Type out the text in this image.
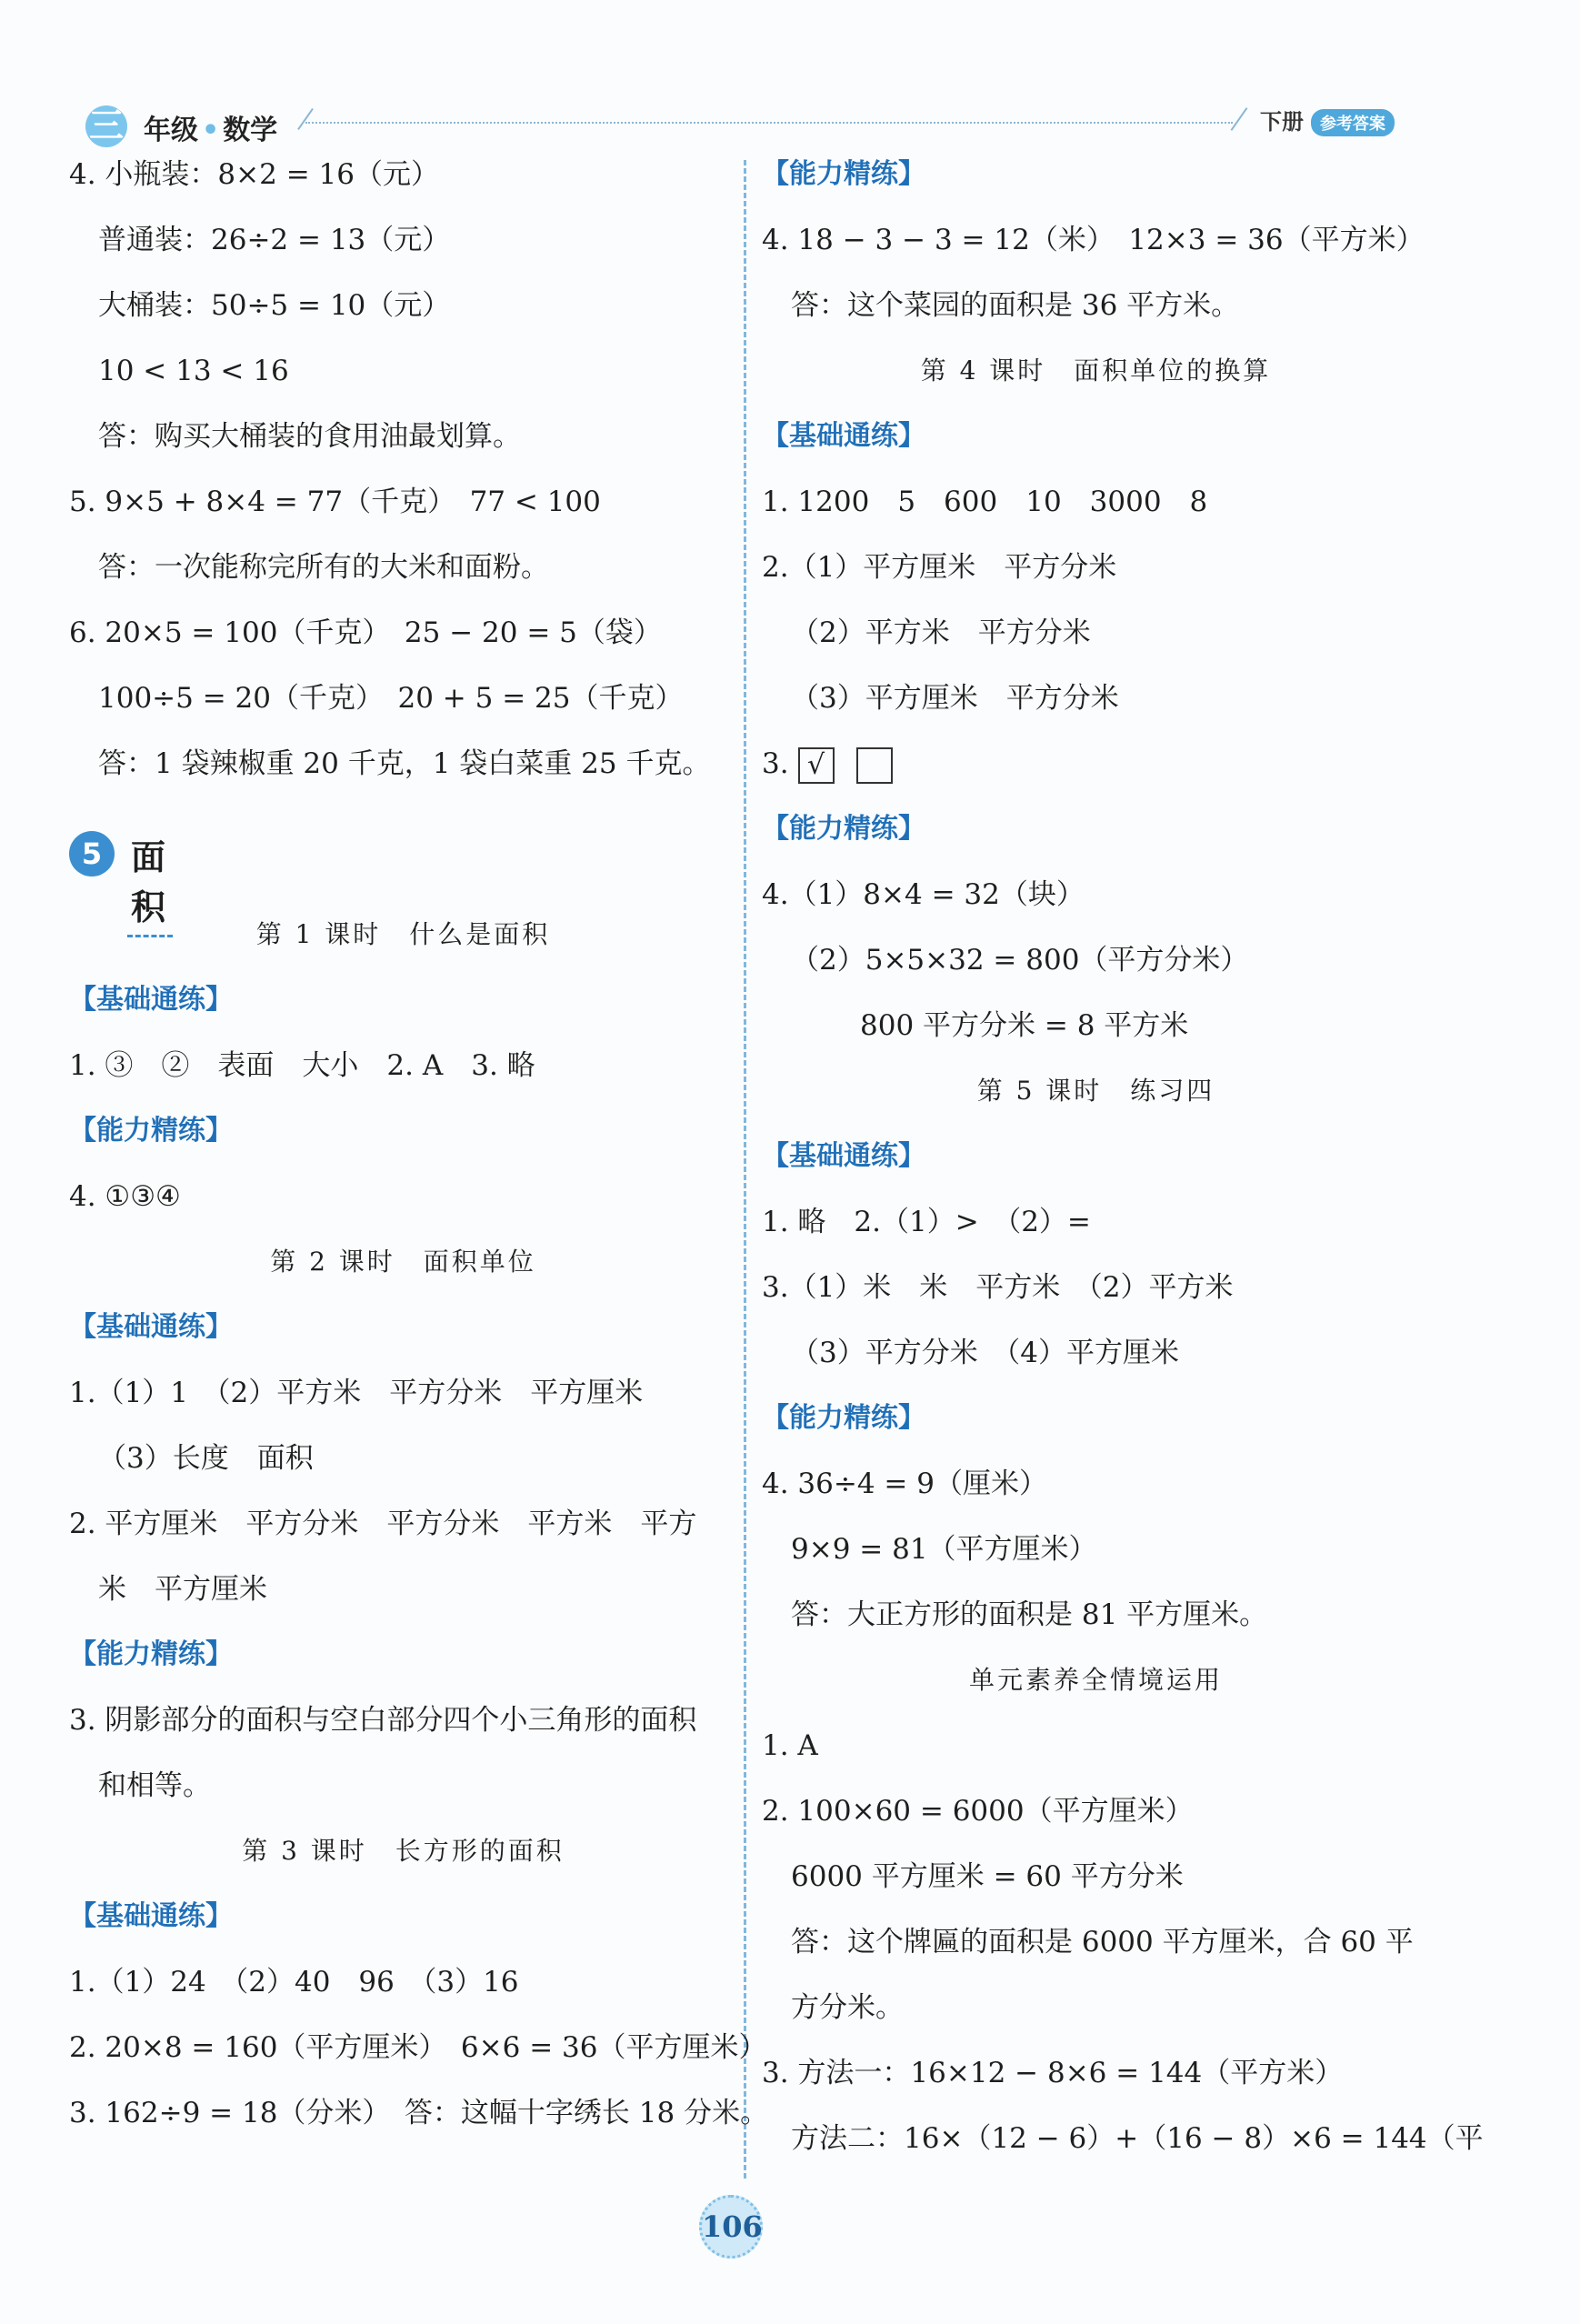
三 年级 • 数学	下册 参考答案
4. 小瓶装：8×2 = 16（元）
普通装：26÷2 = 13（元）
大桶装：50÷5 = 10（元）
10 < 13 < 16
答：购买大桶装的食用油最划算。
5. 9×5 + 8×4 = 77（千克）　77 < 100
答：一次能称完所有的大米和面粉。
6. 20×5 = 100（千克）　25 − 20 = 5（袋）
100÷5 = 20（千克）　20 + 5 = 25（千克）
答：1 袋辣椒重 20 千克，1 袋白菜重 25 千克。
5 面积
第 1 课时　什么是面积
【基础通练】
1. ③　②　表面　大小　2. A　3. 略
【能力精练】
4. ①③④
第 2 课时　面积单位
【基础通练】
1.（1）1　（2）平方米　平方分米　平方厘米
（3）长度　面积
2. 平方厘米　平方分米　平方分米　平方米　平方
米　平方厘米
【能力精练】
3. 阴影部分的面积与空白部分四个小三角形的面积
和相等。
第 3 课时　长方形的面积
【基础通练】
1.（1）24　（2）40　96　（3）16
2. 20×8 = 160（平方厘米）　6×6 = 36（平方厘米）
3. 162÷9 = 18（分米）　答：这幅十字绣长 18 分米。
【能力精练】
4. 18 − 3 − 3 = 12（米）　12×3 = 36（平方米）
答：这个菜园的面积是 36 平方米。
第 4 课时　面积单位的换算
【基础通练】
1. 1200　5　600　10　3000　8
2.（1）平方厘米　平方分米
（2）平方米　平方分米
（3）平方厘米　平方分米
3. √
【能力精练】
4.（1）8×4 = 32（块）
（2）5×5×32 = 800（平方分米）
800 平方分米 = 8 平方米
第 5 课时　练习四
【基础通练】
1. 略　2.（1）>　（2）=
3.（1）米　米　平方米　（2）平方米
（3）平方分米　（4）平方厘米
【能力精练】
4. 36÷4 = 9（厘米）
9×9 = 81（平方厘米）
答：大正方形的面积是 81 平方厘米。
单元素养全情境运用
1. A
2. 100×60 = 6000（平方厘米）
6000 平方厘米 = 60 平方分米
答：这个牌匾的面积是 6000 平方厘米，合 60 平
方分米。
3. 方法一：16×12 − 8×6 = 144（平方米）
方法二：16×（12 − 6）+（16 − 8）×6 = 144（平
106
